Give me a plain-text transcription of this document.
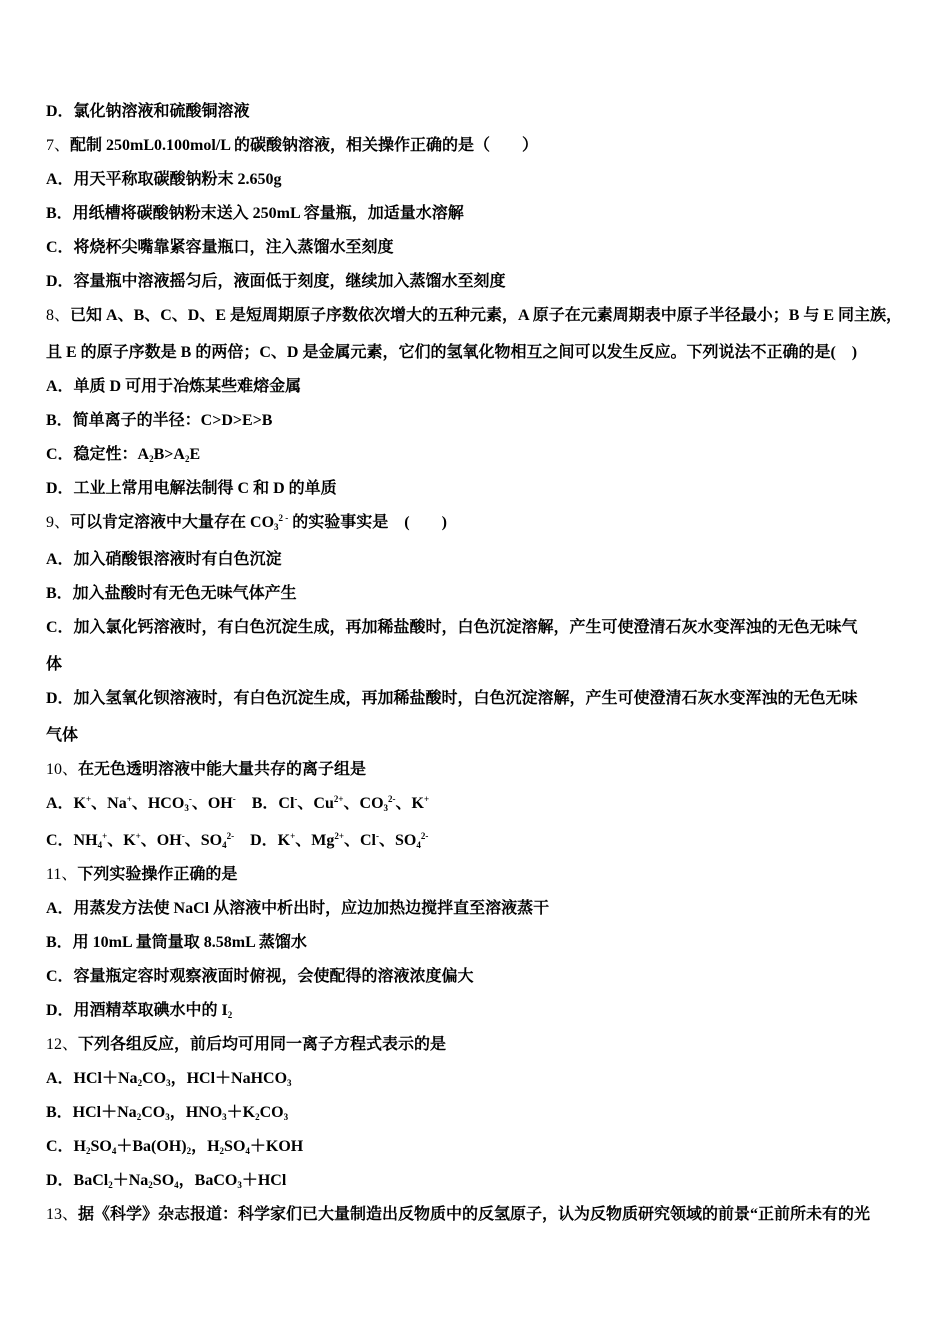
D．氯化钠溶液和硫酸铜溶液
7、配制 250mL0.100mol/L 的碳酸钠溶液，相关操作正确的是（　　）
A．用天平称取碳酸钠粉末 2.650g
B．用纸槽将碳酸钠粉末送入 250mL 容量瓶，加适量水溶解
C．将烧杯尖嘴靠紧容量瓶口，注入蒸馏水至刻度
D．容量瓶中溶液摇匀后，液面低于刻度，继续加入蒸馏水至刻度
8、已知 A、B、C、D、E 是短周期原子序数依次增大的五种元素，A 原子在元素周期表中原子半径最小；B 与 E 同主族，
且 E 的原子序数是 B 的两倍；C、D 是金属元素，它们的氢氧化物相互之间可以发生反应。下列说法不正确的是(　)
A．单质 D 可用于冶炼某些难熔金属
B．简单离子的半径：C>D>E>B
C．稳定性：$A_2B>A_2E$
D．工业上常用电解法制得 C 和 D 的单质
9、可以肯定溶液中大量存在 $CO_3^{2 -}$ 的实验事实是　(　　)
A．加入硝酸银溶液时有白色沉淀
B．加入盐酸时有无色无味气体产生
C．加入氯化钙溶液时，有白色沉淀生成，再加稀盐酸时，白色沉淀溶解，产生可使澄清石灰水变浑浊的无色无味气
体
D．加入氢氧化钡溶液时，有白色沉淀生成，再加稀盐酸时，白色沉淀溶解，产生可使澄清石灰水变浑浊的无色无味
气体
10、在无色透明溶液中能大量共存的离子组是
A．K+、Na+、$HCO_3^-$、OH-　B．Cl-、$Cu^{2+}$、$CO_3^{2-}$、K+
C．$NH_4^+$、K+、OH-、$SO_4^{2-}$　D．K+、$Mg^{2+}$、Cl-、$SO_4^{2-}$
11、下列实验操作正确的是
A．用蒸发方法使 NaCl 从溶液中析出时，应边加热边搅拌直至溶液蒸干
B．用 10mL 量筒量取 8.58mL 蒸馏水
C．容量瓶定容时观察液面时俯视，会使配得的溶液浓度偏大
D．用酒精萃取碘水中的 $I_2$
12、下列各组反应，前后均可用同一离子方程式表示的是
A．$HCl+Na_2CO_3$，HCl＋NaHCO$_3$
B．$HCl+Na_2CO_3$，$HNO_3+K_2CO_3$
C．$H_2SO_4+Ba(OH)_2$，$H_2SO_4+KOH$
D．$BaCl_2+Na_2SO_4$，BaCO$_3$＋HCl
13、据《科学》杂志报道：科学家们已大量制造出反物质中的反氢原子，认为反物质研究领域的前景“正前所未有的光
